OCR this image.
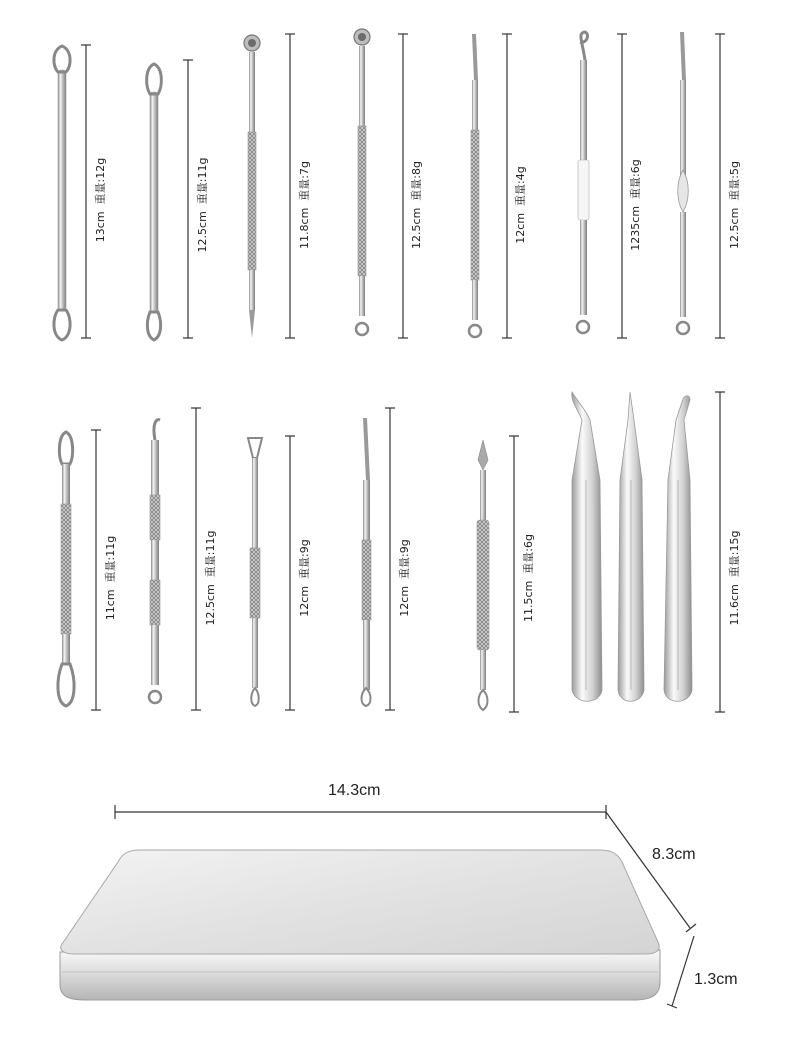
13cm  重量:12g
12.5cm  重量:11g
11.8cm  重量:7g
12.5cm  重量:8g
12cm  重量:4g
1235cm  重量:6g
12.5cm  重量:5g
11cm  重量:11g
12.5cm  重量:11g
12cm  重量:9g
12cm  重量:9g
11.5cm  重量:6g
11.6cm  重量:15g
14.3cm
8.3cm
1.3cm
